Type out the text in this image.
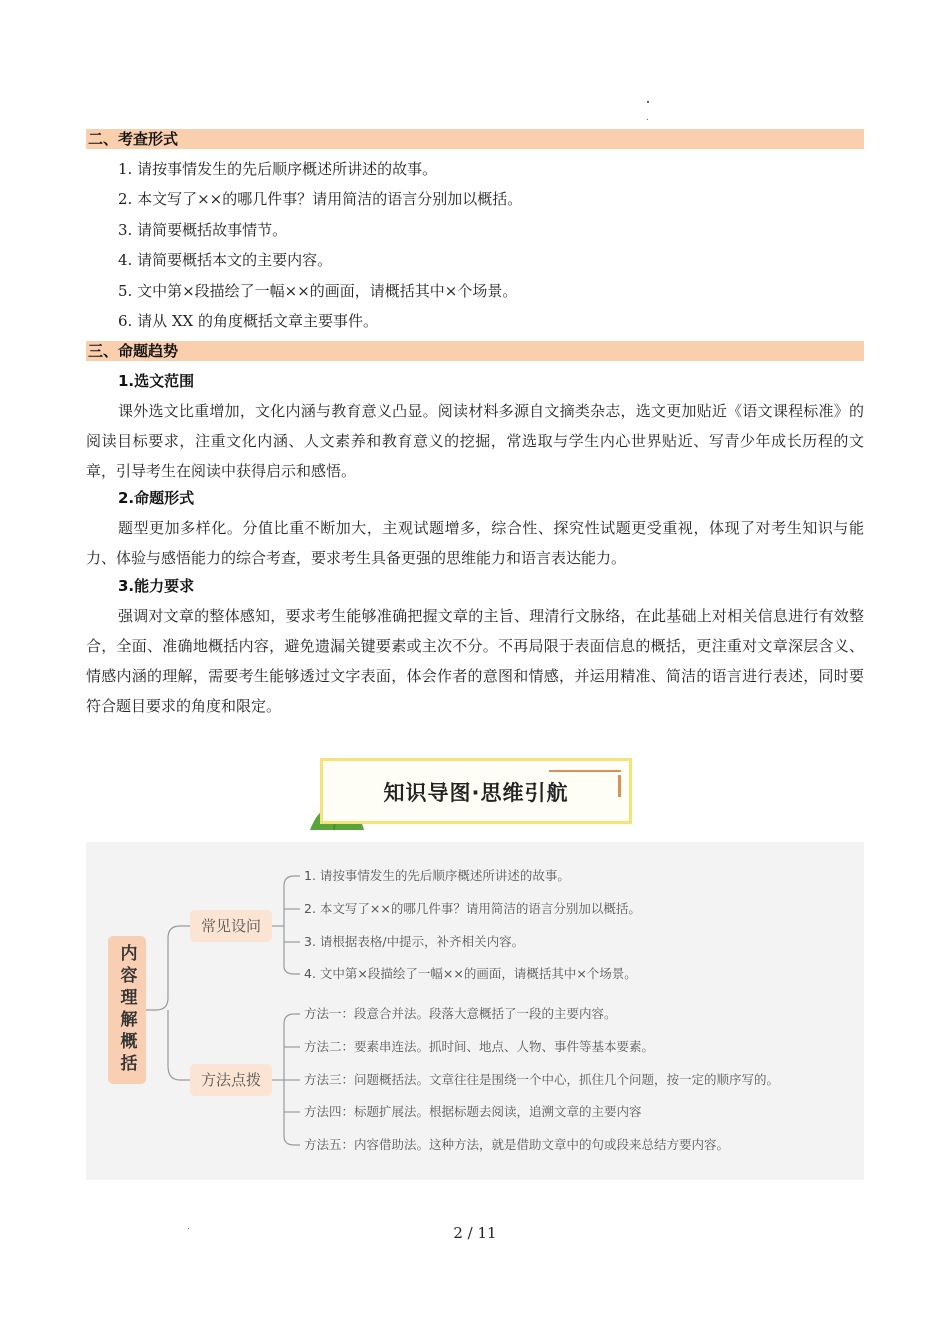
二、考查形式
1. 请按事情发生的先后顺序概述所讲述的故事。
2. 本文写了××的哪几件事？请用简洁的语言分别加以概括。
3. 请简要概括故事情节。
4. 请简要概括本文的主要内容。
5. 文中第×段描绘了一幅××的画面，请概括其中×个场景。
6. 请从 XX 的角度概括文章主要事件。
三、命题趋势
1.选文范围
课外选文比重增加，文化内涵与教育意义凸显。阅读材料多源自文摘类杂志，选文更加贴近《语文课程标准》的阅读目标要求，注重文化内涵、人文素养和教育意义的挖掘，常选取与学生内心世界贴近、写青少年成长历程的文章，引导考生在阅读中获得启示和感悟。
2.命题形式
题型更加多样化。分值比重不断加大，主观试题增多，综合性、探究性试题更受重视，体现了对考生知识与能力、体验与感悟能力的综合考查，要求考生具备更强的思维能力和语言表达能力。
3.能力要求
强调对文章的整体感知，要求考生能够准确把握文章的主旨、理清行文脉络，在此基础上对相关信息进行有效整合，全面、准确地概括内容，避免遗漏关键要素或主次不分。不再局限于表面信息的概括，更注重对文章深层含义、情感内涵的理解，需要考生能够透过文字表面，体会作者的意图和情感，并运用精准、简洁的语言进行表述，同时要符合题目要求的角度和限定。
知识导图·思维引航
内容理解概括
常见设问
方法点拨
1. 请按事情发生的先后顺序概述所讲述的故事。
2. 本文写了××的哪几件事？请用简洁的语言分别加以概括。
3. 请根据表格/中提示，补齐相关内容。
4. 文中第×段描绘了一幅××的画面，请概括其中×个场景。
方法一：段意合并法。段落大意概括了一段的主要内容。
方法二：要素串连法。抓时间、地点、人物、事件等基本要素。
方法三：问题概括法。文章往往是围绕一个中心，抓住几个问题，按一定的顺序写的。
方法四：标题扩展法。根据标题去阅读，追溯文章的主要内容
方法五：内容借助法。这种方法，就是借助文章中的句或段来总结方要内容。
2 / 11
